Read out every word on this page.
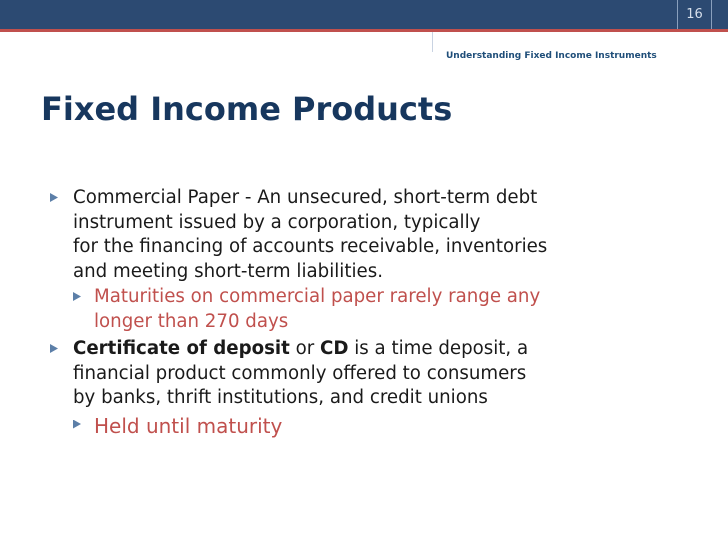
16
Understanding Fixed Income Instruments
Fixed Income Products
Commercial Paper - An unsecured, short-term debt
instrument issued by a corporation, typically
for the financing of accounts receivable, inventories
and meeting short-term liabilities.
Maturities on commercial paper rarely range any
longer than 270 days
Certificate of deposit or CD is a time deposit, a
financial product commonly offered to consumers
by banks, thrift institutions, and credit unions
Held until maturity
